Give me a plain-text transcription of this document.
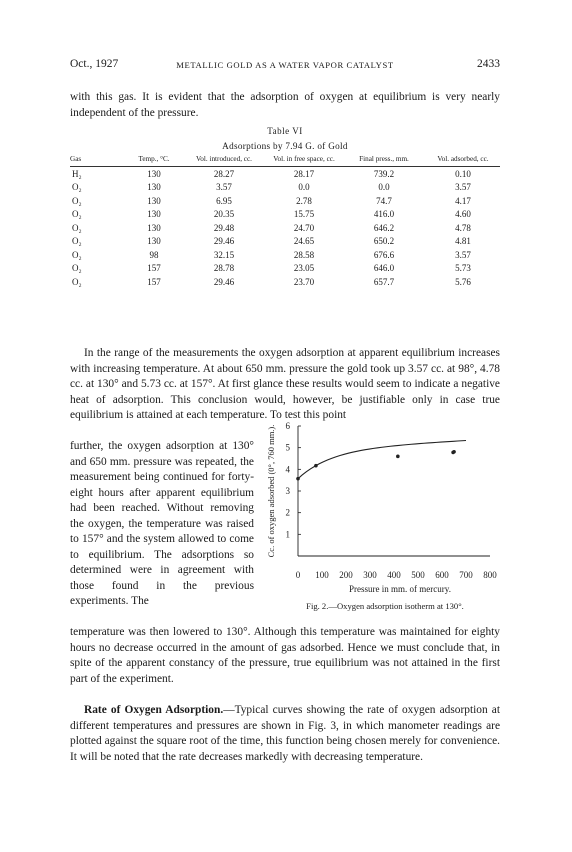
Oct., 1927	METALLIC GOLD AS A WATER VAPOR CATALYST	2433

with this gas. It is evident that the adsorption of oxygen at equilibrium is very nearly independent of the pressure.

Table VI
Adsorptions by 7.94 G. of Gold
Gas	Temp., °C.	Vol. introduced, cc.	Vol. in free space, cc.	Final press., mm.	Vol. adsorbed, cc.
H₂	130	28.27	28.17	739.2	0.10
O₂	130	3.57	0.0	0.0	3.57
O₂	130	6.95	2.78	74.7	4.17
O₂	130	20.35	15.75	416.0	4.60
O₂	130	29.48	24.70	646.2	4.78
O₂	130	29.46	24.65	650.2	4.81
O₂	98	32.15	28.58	676.6	3.57
O₂	157	28.78	23.05	646.0	5.73
O₂	157	29.46	23.70	657.7	5.76

In the range of the measurements the oxygen adsorption at apparent equilibrium increases with increasing temperature. At about 650 mm. pressure the gold took up 3.57 cc. at 98°, 4.78 cc. at 130° and 5.73 cc. at 157°. At first glance these results would seem to indicate a negative heat of adsorption. This conclusion would, however, be justifiable only in case true equilibrium is attained at each temperature. To test this point

further, the oxygen adsorption at 130° and 650 mm. pressure was repeated, the measurement being continued for forty-eight hours after apparent equilibrium had been reached. Without removing the oxygen, the temperature was raised to 157° and the system allowed to come to equilibrium. The adsorptions so determined were in agreement with those found in the previous experiments. The

0 100 200 300 400 500 600 700 800
1
2
3
4
5
6
Cc. of oxygen adsorbed (0°, 760 mm.).
Pressure in mm. of mercury.
Fig. 2.—Oxygen adsorption isotherm at 130°.

temperature was then lowered to 130°. Although this temperature was maintained for eighty hours no decrease occurred in the amount of gas adsorbed. Hence we must conclude that, in spite of the apparent constancy of the pressure, true equilibrium was not attained in the first part of the experiment.

Rate of Oxygen Adsorption.—Typical curves showing the rate of oxygen adsorption at different temperatures and pressures are shown in Fig. 3, in which manometer readings are plotted against the square root of the time, this function being chosen merely for convenience. It will be noted that the rate decreases markedly with decreasing temperature.
